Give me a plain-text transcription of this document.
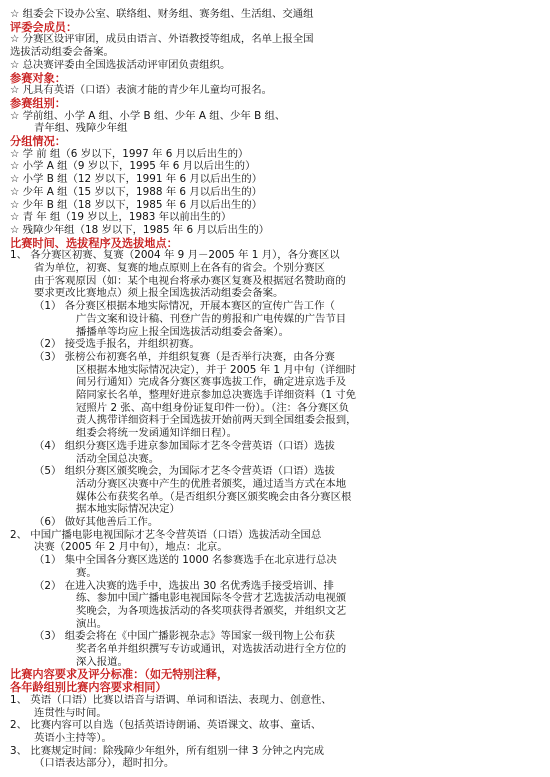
☆ 组委会下设办公室、联络组、财务组、赛务组、生活组、交通组
评委会成员：
☆ 分赛区设评审团，成员由语言、外语教授等组成，名单上报全国
选拔活动组委会备案。
☆ 总决赛评委由全国选拔活动评审团负责组织。
参赛对象：
☆ 凡具有英语（口语）表演才能的青少年儿童均可报名。
参赛组别：
☆ 学前组、小学 A 组、小学 B 组、少年 A 组、少年 B 组、
青年组、残障少年组
分组情况：
☆ 学 前 组（6 岁以下，1997 年 6 月以后出生的）
☆ 小学 A 组（9 岁以下，1995 年 6 月以后出生的）
☆ 小学 B 组（12 岁以下，1991 年 6 月以后出生的）
☆ 少年 A 组（15 岁以下，1988 年 6 月以后出生的）
☆ 少年 B 组（18 岁以下，1985 年 6 月以后出生的）
☆ 青 年 组（19 岁以上，1983 年以前出生的）
☆ 残障少年组（18 岁以下，1985 年 6 月以后出生的）
比赛时间、选拔程序及选拔地点：
1、 各分赛区初赛、复赛（2004 年 9 月－2005 年 1 月），各分赛区以
省为单位，初赛、复赛的地点原则上在各有的省会。个别分赛区
由于客观原因（如：某个电视台将承办赛区复赛及根据冠名赞助商的
要求更改比赛地点）须上报全国选拔活动组委会备案。
（1） 各分赛区根据本地实际情况，开展本赛区的宣传广告工作（
广告文案和设计稿、刊登广告的剪报和广电传媒的广告节目
播播单等均应上报全国选拔活动组委会备案）。
（2） 接受选手报名，并组织初赛。
（3） 张榜公布初赛名单，并组织复赛（是否举行决赛，由各分赛
区根据本地实际情况决定），并于 2005 年 1 月中旬（详细时
间另行通知）完成各分赛区赛事选拔工作，确定进京选手及
陪同家长名单，整理好进京参加总决赛选手详细资料（1 寸免
冠照片 2 张、高中组身份证复印件一份）。（注：各分赛区负
责人携带详细资料于全国选拔开始前两天到全国组委会报到，
组委会将统一发函通知详细日程）。
（4） 组织分赛区选手进京参加国际才艺冬令营英语（口语）选拔
活动全国总决赛。
（5） 组织分赛区颁奖晚会，为国际才艺冬令营英语（口语）选拔
活动分赛区决赛中产生的优胜者颁奖，通过适当方式在本地
媒体公布获奖名单。（是否组织分赛区颁奖晚会由各分赛区根
据本地实际情况决定）
（6） 做好其他善后工作。
2、 中国广播电影电视国际才艺冬令营英语（口语）选拔活动全国总
决赛（2005 年 2 月中旬），地点：北京。
（1） 集中全国各分赛区选送的 1000 名参赛选手在北京进行总决
赛。
（2） 在进入决赛的选手中，选拔出 30 名优秀选手接受培训、排
练、参加中国广播电影电视国际冬令营才艺选拔活动电视颁
奖晚会，为各项选拔活动的各奖项获得者颁奖，并组织文艺
演出。
（3） 组委会将在《中国广播影视杂志》等国家一级刊物上公布获
奖者名单并组织撰写专访或通讯，对选拔活动进行全方位的
深入报道。
比赛内容要求及评分标准：（如无特别注释，
各年龄组别比赛内容要求相同）
1、 英语（口语）比赛以语音与语调、单词和语法、表现力、创意性、
连贯性与时间。
2、 比赛内容可以自选（包括英语诗朗诵、英语课文、故事、童话、
英语小主持等）。
3、 比赛规定时间：除残障少年组外，所有组别一律 3 分钟之内完成
（口语表达部分），超时扣分。
